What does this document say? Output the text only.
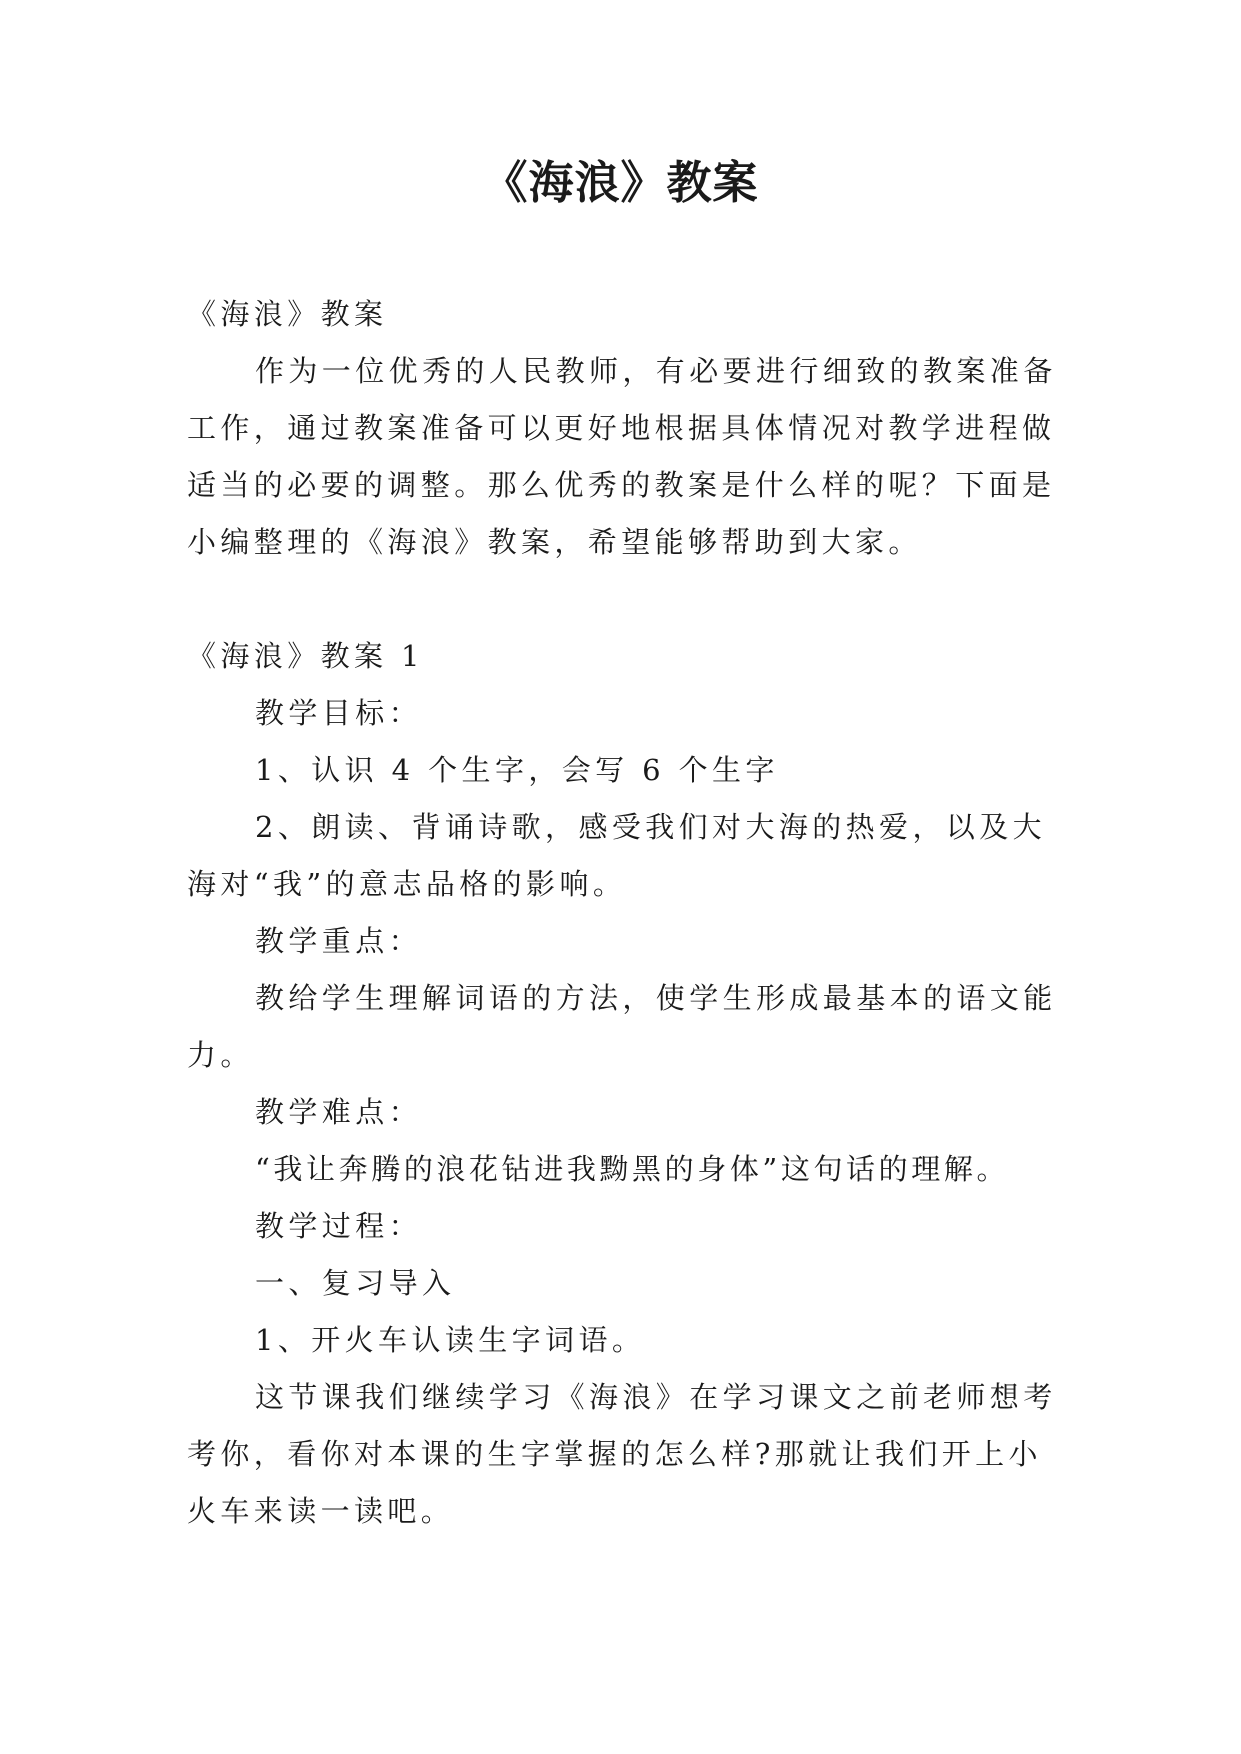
《海浪》教案

《海浪》教案

作为一位优秀的人民教师，有必要进行细致的教案准备

工作，通过教案准备可以更好地根据具体情况对教学进程做

适当的必要的调整。那么优秀的教案是什么样的呢？下面是

小编整理的《海浪》教案，希望能够帮助到大家。

《海浪》教案 1

教学目标：

1、认识 4 个生字，会写 6 个生字

2、朗读、背诵诗歌，感受我们对大海的热爱，以及大

海对“我”的意志品格的影响。

教学重点：

教给学生理解词语的方法，使学生形成最基本的语文能

力。

教学难点：

“我让奔腾的浪花钻进我黝黑的身体”这句话的理解。

教学过程：

一、复习导入

1、开火车认读生字词语。

这节课我们继续学习《海浪》在学习课文之前老师想考

考你，看你对本课的生字掌握的怎么样?那就让我们开上小

火车来读一读吧。
